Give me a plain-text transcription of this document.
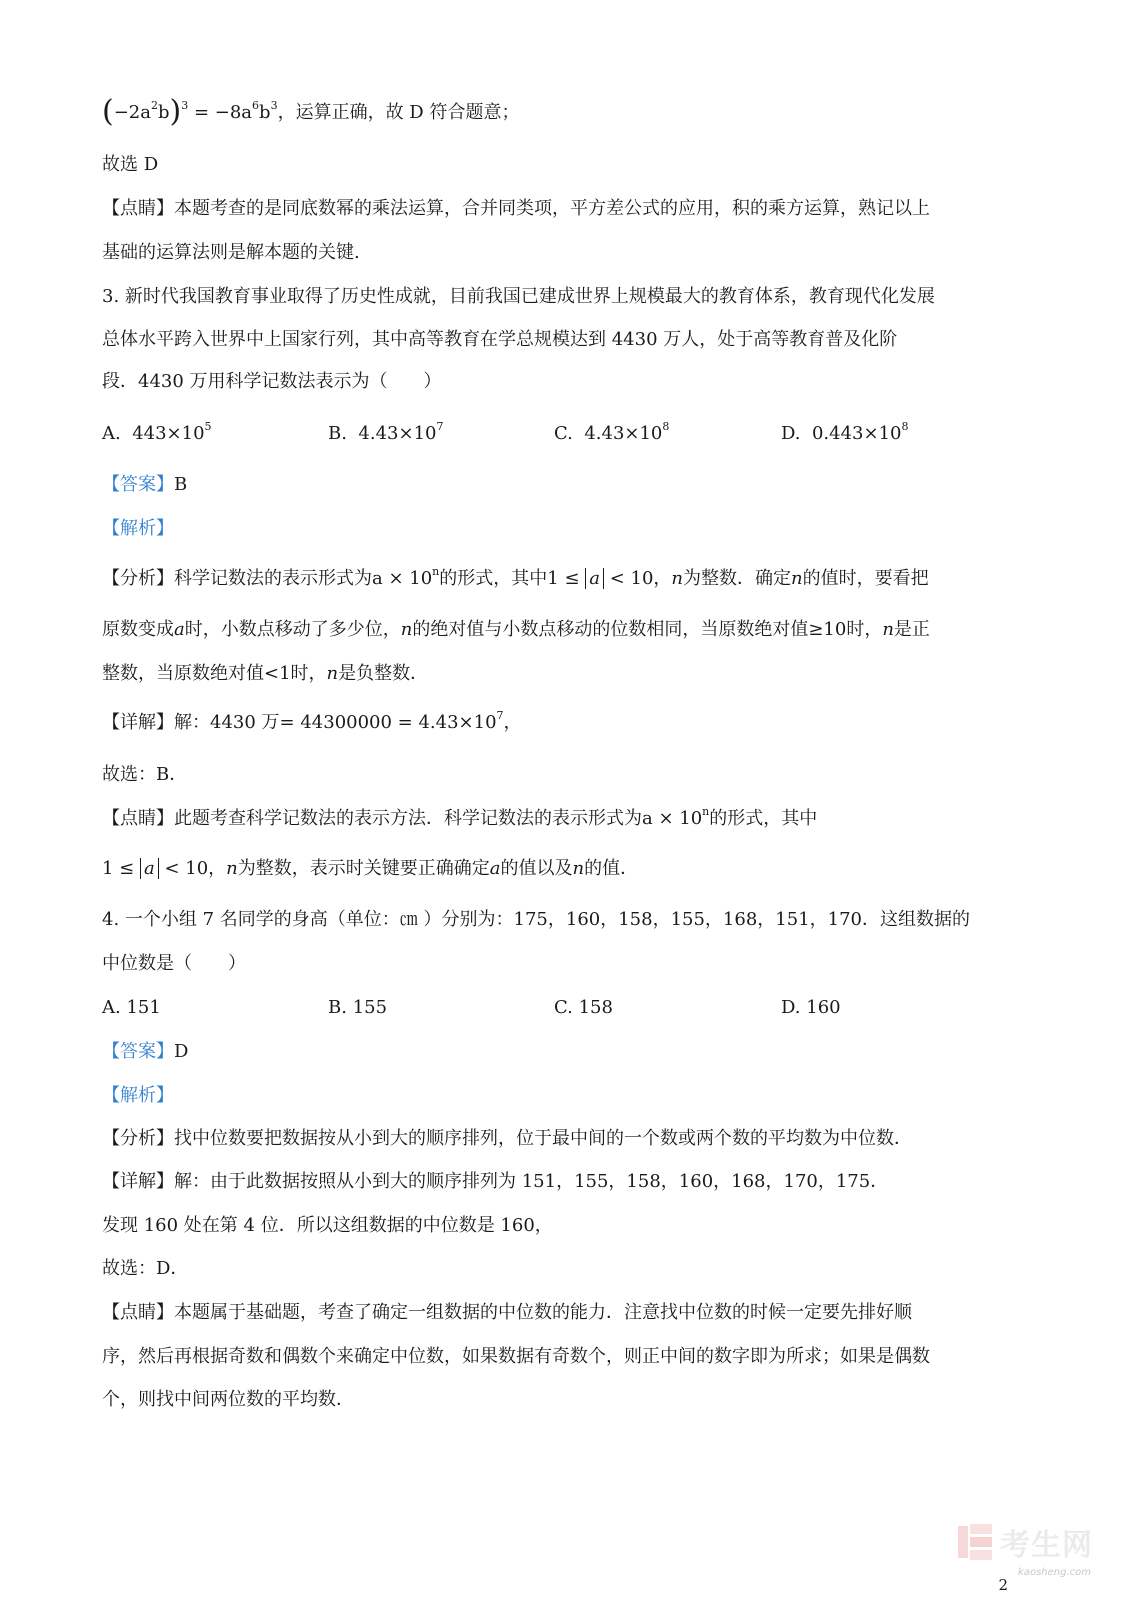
$(-2a^2b)^3 = -8a^6b^3$，运算正确，故 D 符合题意；
故选 D
【点睛】本题考查的是同底数幂的乘法运算，合并同类项，平方差公式的应用，积的乘方运算，熟记以上
基础的运算法则是解本题的关键.
3. 新时代我国教育事业取得了历史性成就，目前我国已建成世界上规模最大的教育体系，教育现代化发展
总体水平跨入世界中上国家行列，其中高等教育在学总规模达到 4430 万人，处于高等教育普及化阶
段．4430 万用科学记数法表示为（　　）
A. $443\times 10^5$	B. $4.43\times 10^7$	C. $4.43\times 10^8$	D. $0.443\times 10^8$
【答案】B
【解析】
【分析】科学记数法的表示形式为$a \times 10^n$的形式，其中1 ≤ a < 10，n为整数．确定n的值时，要看把
原数变成a时，小数点移动了多少位，n的绝对值与小数点移动的位数相同，当原数绝对值≥10时，n是正
整数，当原数绝对值<1时，n是负整数．
【详解】解：4430 万= $44300000 = 4.43\times 10^7$，
故选：B．
【点睛】此题考查科学记数法的表示方法．科学记数法的表示形式为$a \times 10^n$的形式，其中
1 ≤ a < 10，n为整数，表示时关键要正确确定a的值以及n的值．
4. 一个小组 7 名同学的身高（单位：㎝ ）分别为：175，160，158，155，168，151，170．这组数据的
中位数是（　　）
A. 151	B. 155	C. 158	D. 160
【答案】D
【解析】
【分析】找中位数要把数据按从小到大的顺序排列，位于最中间的一个数或两个数的平均数为中位数．
【详解】解：由于此数据按照从小到大的顺序排列为 151，155，158，160，168，170，175．
发现 160 处在第 4 位．所以这组数据的中位数是 160，
故选：D．
【点睛】本题属于基础题，考查了确定一组数据的中位数的能力．注意找中位数的时候一定要先排好顺
序，然后再根据奇数和偶数个来确定中位数，如果数据有奇数个，则正中间的数字即为所求；如果是偶数
个，则找中间两位数的平均数．
考生网
kaosheng.com
2
